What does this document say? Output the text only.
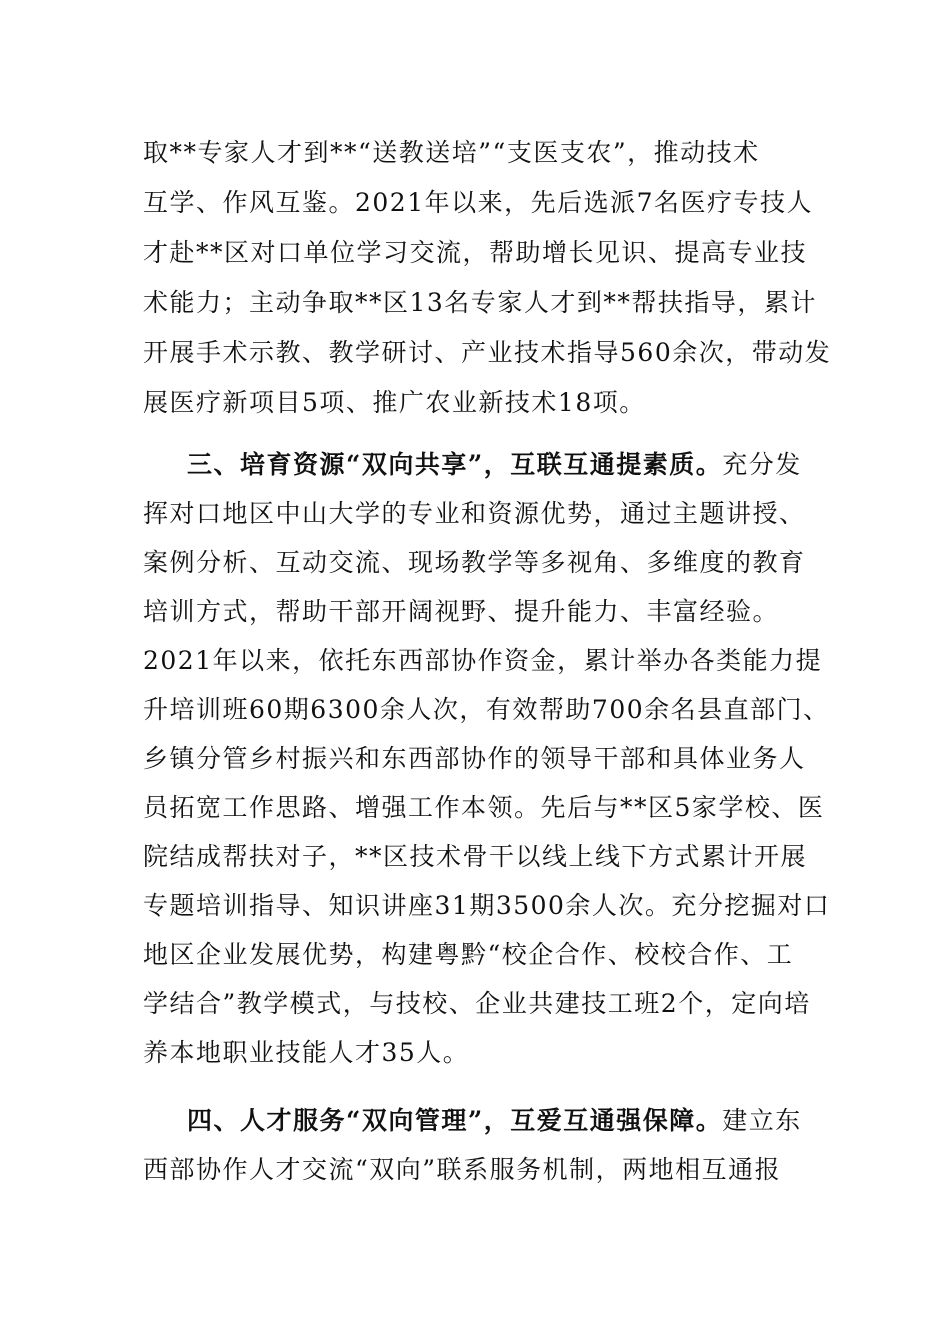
取**专家人才到**“送教送培”“支医支农”，推动技术
互学、作风互鉴。2021年以来，先后选派7名医疗专技人
才赴**区对口单位学习交流，帮助增长见识、提高专业技
术能力；主动争取**区13名专家人才到**帮扶指导，累计
开展手术示教、教学研讨、产业技术指导560余次，带动发
展医疗新项目5项、推广农业新技术18项。
三、培育资源“双向共享”，互联互通提素质。充分发
挥对口地区中山大学的专业和资源优势，通过主题讲授、
案例分析、互动交流、现场教学等多视角、多维度的教育
培训方式，帮助干部开阔视野、提升能力、丰富经验。
2021年以来，依托东西部协作资金，累计举办各类能力提
升培训班60期6300余人次，有效帮助700余名县直部门、
乡镇分管乡村振兴和东西部协作的领导干部和具体业务人
员拓宽工作思路、增强工作本领。先后与**区5家学校、医
院结成帮扶对子，**区技术骨干以线上线下方式累计开展
专题培训指导、知识讲座31期3500余人次。充分挖掘对口
地区企业发展优势，构建粤黔“校企合作、校校合作、工
学结合”教学模式，与技校、企业共建技工班2个，定向培
养本地职业技能人才35人。
四、人才服务“双向管理”，互爱互通强保障。建立东
西部协作人才交流“双向”联系服务机制，两地相互通报
